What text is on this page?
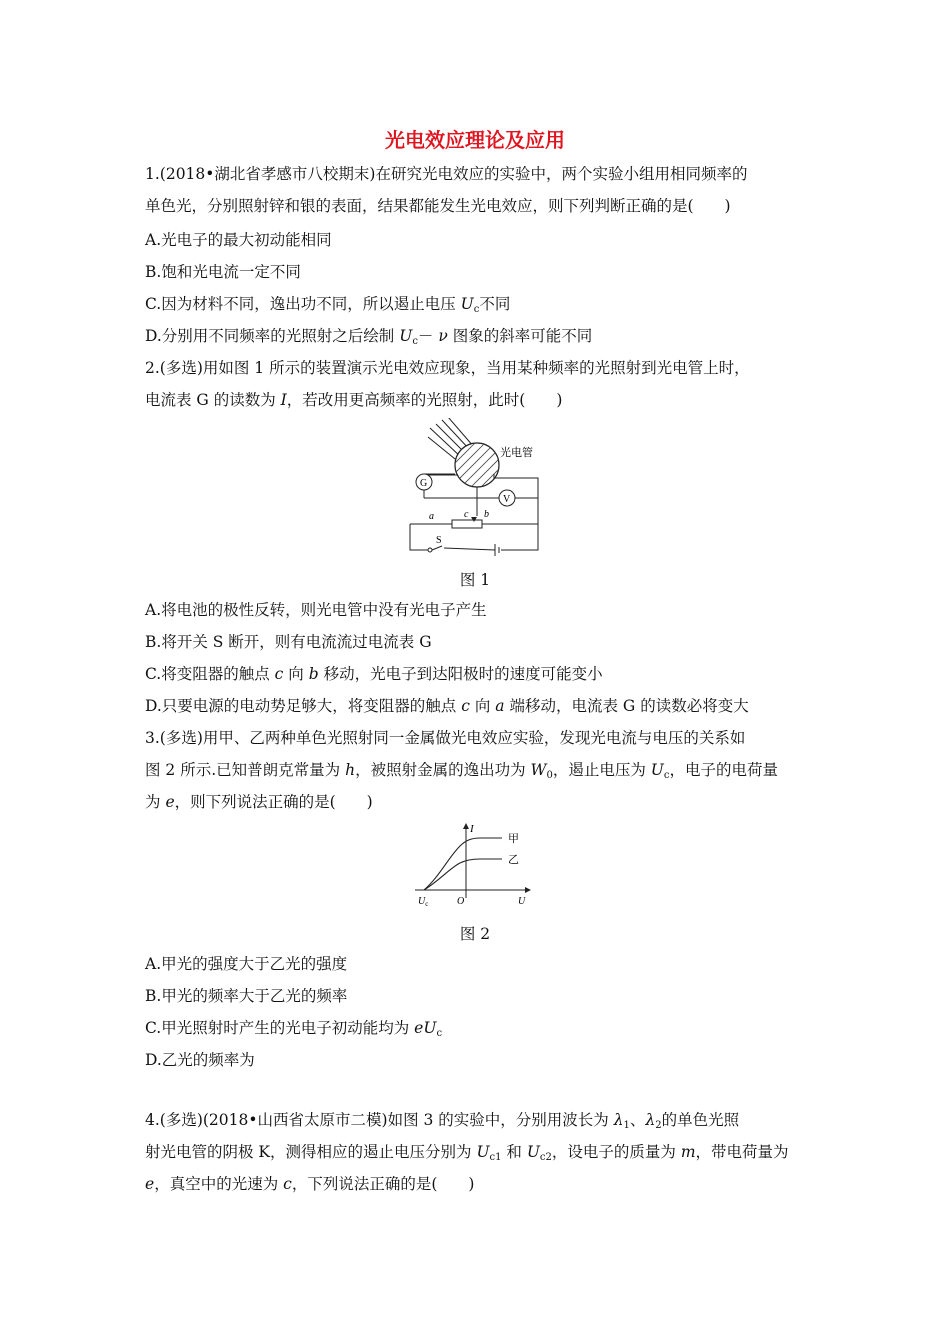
光电效应理论及应用
1.(2018•湖北省孝感市八校期末)在研究光电效应的实验中，两个实验小组用相同频率的
单色光，分别照射锌和银的表面，结果都能发生光电效应，则下列判断正确的是(　　)
A.光电子的最大初动能相同
B.饱和光电流一定不同
C.因为材料不同，逸出功不同，所以遏止电压 $U_c$不同
D.分别用不同频率的光照射之后绘制 $U_c- \nu$ 图象的斜率可能不同
2.(多选)用如图 1 所示的装置演示光电效应现象，当用某种频率的光照射到光电管上时，
电流表 G 的读数为 I，若改用更高频率的光照射，此时(　　)
光电管
G
V
a	b
c
S
图 1
A.将电池的极性反转，则光电管中没有光电子产生
B.将开关 S 断开，则有电流流过电流表 G
C.将变阻器的触点 c 向 b 移动，光电子到达阳极时的速度可能变小
D.只要电源的电动势足够大，将变阻器的触点 c 向 a 端移动，电流表 G 的读数必将变大
3.(多选)用甲、乙两种单色光照射同一金属做光电效应实验，发现光电流与电压的关系如
图 2 所示.已知普朗克常量为 h，被照射金属的逸出功为 $W_0$，遏止电压为 $U_c$，电子的电荷量
为 e，则下列说法正确的是(　　)
I
甲
乙
$U_c$	O	U
图 2
A.甲光的强度大于乙光的强度
B.甲光的频率大于乙光的频率
C.甲光照射时产生的光电子初动能均为 $eU_c$
D.乙光的频率为
4.(多选)(2018•山西省太原市二模)如图 3 的实验中，分别用波长为 $\lambda_1$、$\lambda_2$的单色光照
射光电管的阴极 K，测得相应的遏止电压分别为 $U_{c1}$ 和 $U_{c2}$，设电子的质量为 m，带电荷量为
e，真空中的光速为 c，下列说法正确的是(　　)
